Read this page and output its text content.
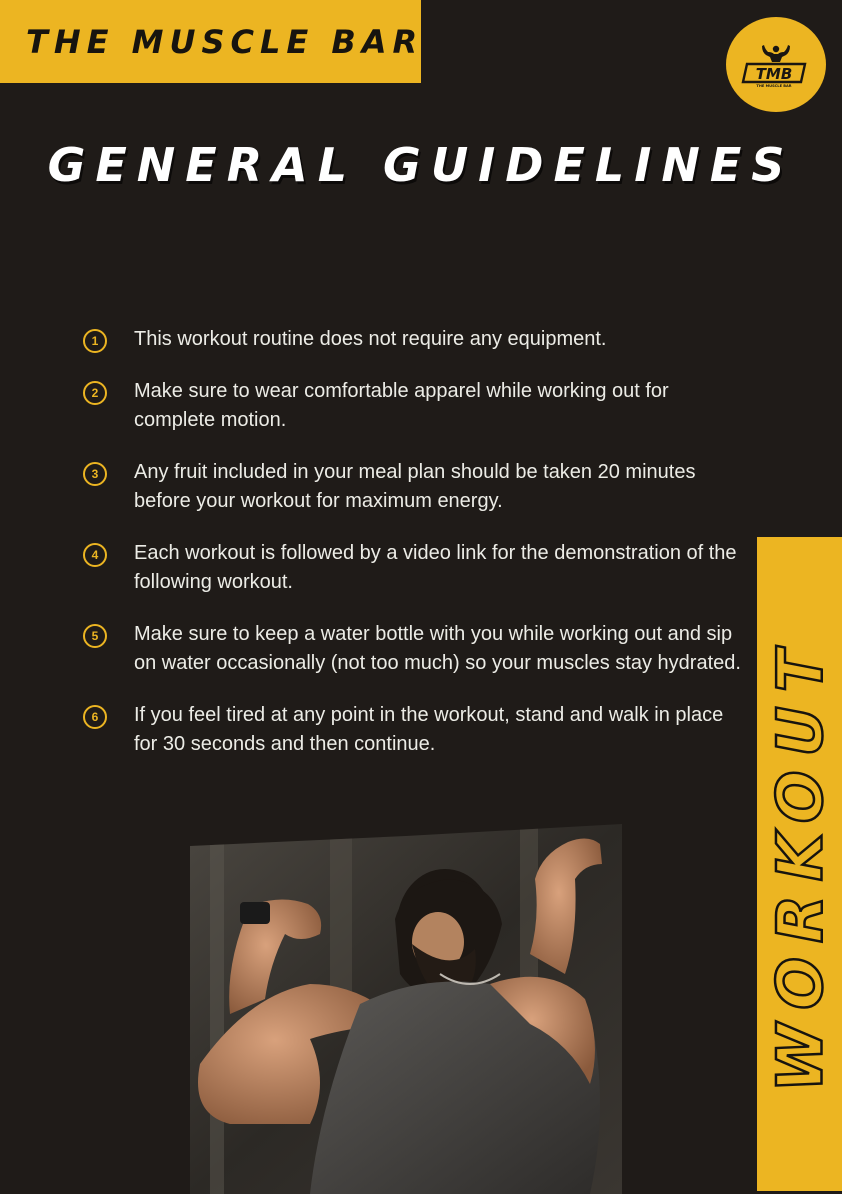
THE MUSCLE BAR
TMB
THE MUSCLE BAR
GENERAL GUIDELINES
1	This workout routine does not require any equipment.
2	Make sure to wear comfortable apparel while working out for complete motion.
3	Any fruit included in your meal plan should be taken 20 minutes before your workout for maximum energy.
4	Each workout is followed by a video link for the demonstration of the following workout.
5	Make sure to keep a water bottle with you while working out and sip on water occasionally (not too much) so your muscles stay hydrated.
6	If you feel tired at any point in the workout, stand and walk in place for 30 seconds and then continue.	WORKOUT
